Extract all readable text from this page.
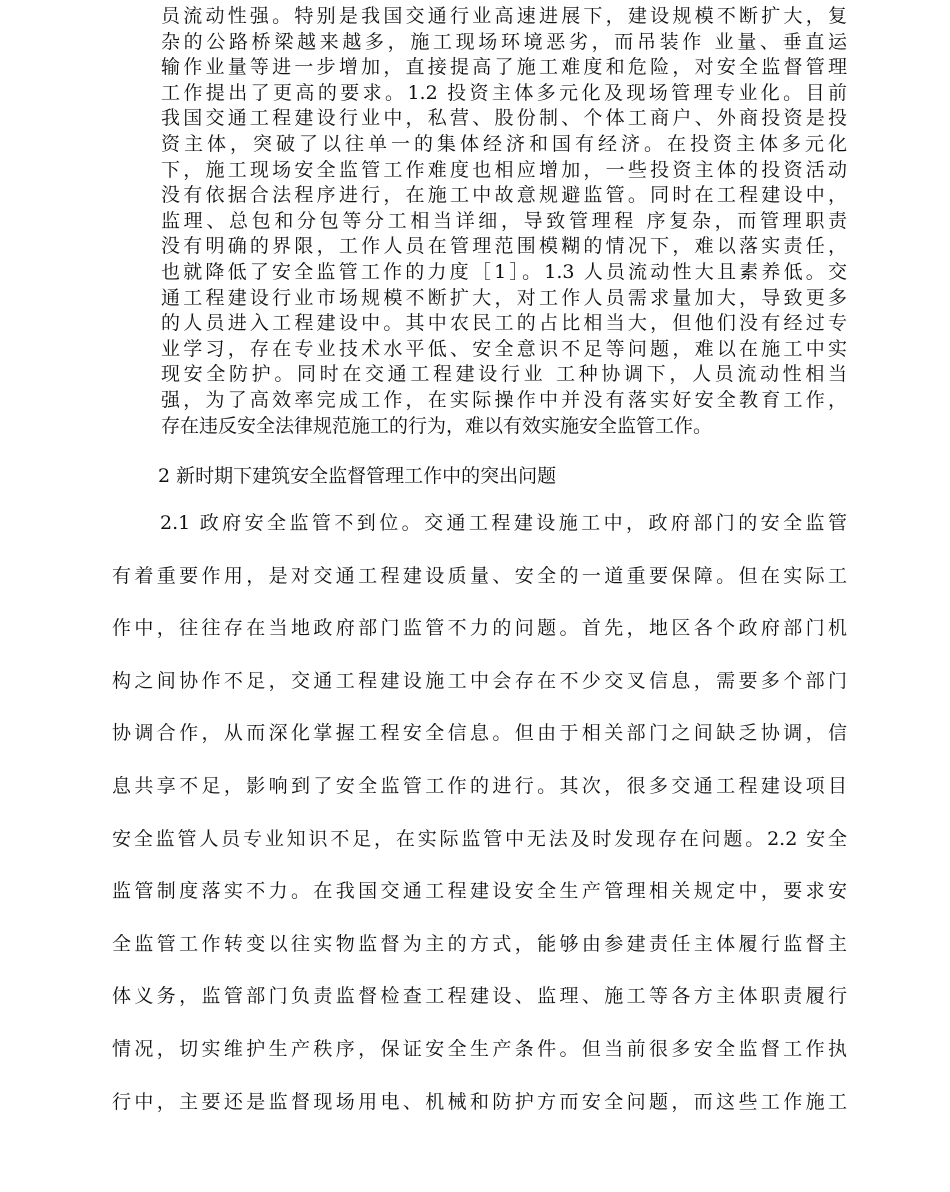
员流动性强。特别是我国交通行业高速进展下，建设规模不断扩大，复
杂的公路桥梁越来越多，施工现场环境恶劣，而吊装作 业量、垂直运
输作业量等进一步增加，直接提高了施工难度和危险，对安全监督管理
工作提出了更高的要求。1.2 投资主体多元化及现场管理专业化。目前
我国交通工程建设行业中，私营、股份制、个体工商户、外商投资是投
资主体，突破了以往单一的集体经济和国有经济。在投资主体多元化
下，施工现场安全监管工作难度也相应增加，一些投资主体的投资活动
没有依据合法程序进行，在施工中故意规避监管。同时在工程建设中，
监理、总包和分包等分工相当详细，导致管理程 序复杂，而管理职责
没有明确的界限，工作人员在管理范围模糊的情况下，难以落实责任，
也就降低了安全监管工作的力度［1］。1.3 人员流动性大且素养低。交
通工程建设行业市场规模不断扩大，对工作人员需求量加大，导致更多
的人员进入工程建设中。其中农民工的占比相当大，但他们没有经过专
业学习，存在专业技术水平低、安全意识不足等问题，难以在施工中实
现安全防护。同时在交通工程建设行业 工种协调下，人员流动性相当
强，为了高效率完成工作，在实际操作中并没有落实好安全教育工作，
存在违反安全法律规范施工的行为，难以有效实施安全监管工作。
2 新时期下建筑安全监督管理工作中的突出问题
2.1 政府安全监管不到位。交通工程建设施工中，政府部门的安全监管
有着重要作用，是对交通工程建设质量、安全的一道重要保障。但在实际工
作中，往往存在当地政府部门监管不力的问题。首先，地区各个政府部门机
构之间协作不足，交通工程建设施工中会存在不少交叉信息，需要多个部门
协调合作，从而深化掌握工程安全信息。但由于相关部门之间缺乏协调，信
息共享不足，影响到了安全监管工作的进行。其次，很多交通工程建设项目
安全监管人员专业知识不足，在实际监管中无法及时发现存在问题。2.2 安全
监管制度落实不力。在我国交通工程建设安全生产管理相关规定中，要求安
全监管工作转变以往实物监督为主的方式，能够由参建责任主体履行监督主
体义务，监管部门负责监督检查工程建设、监理、施工等各方主体职责履行
情况，切实维护生产秩序，保证安全生产条件。但当前很多安全监督工作执
行中，主要还是监督现场用电、机械和防护方而安全问题，而这些工作施工
